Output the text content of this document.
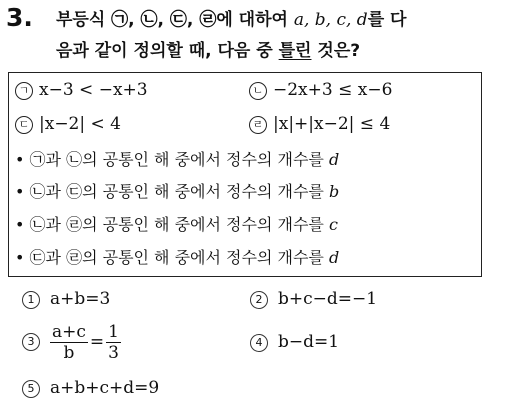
3. 부등식 ㉠, ㉡, ㉢, ㉣에 대하여 a, b, c, d를 다
음과 같이 정의할 때, 다음 중 틀린 것은?
ㄱ x−3 < −x+3	ㄴ −2x+3 ≤ x−6
ㄷ |x−2| < 4	ㄹ |x|+|x−2| ≤ 4
• ㉠과 ㉡의 공통인 해 중에서 정수의 개수를 d
• ㉡과 ㉢의 공통인 해 중에서 정수의 개수를 b
• ㉡과 ㉣의 공통인 해 중에서 정수의 개수를 c
• ㉢과 ㉣의 공통인 해 중에서 정수의 개수를 d
1 a+b=3	2 b+c−d=−1
$3 \frac{a+c}{b} = \frac{1}{3}$	4 b−d=1
5 a+b+c+d=9
